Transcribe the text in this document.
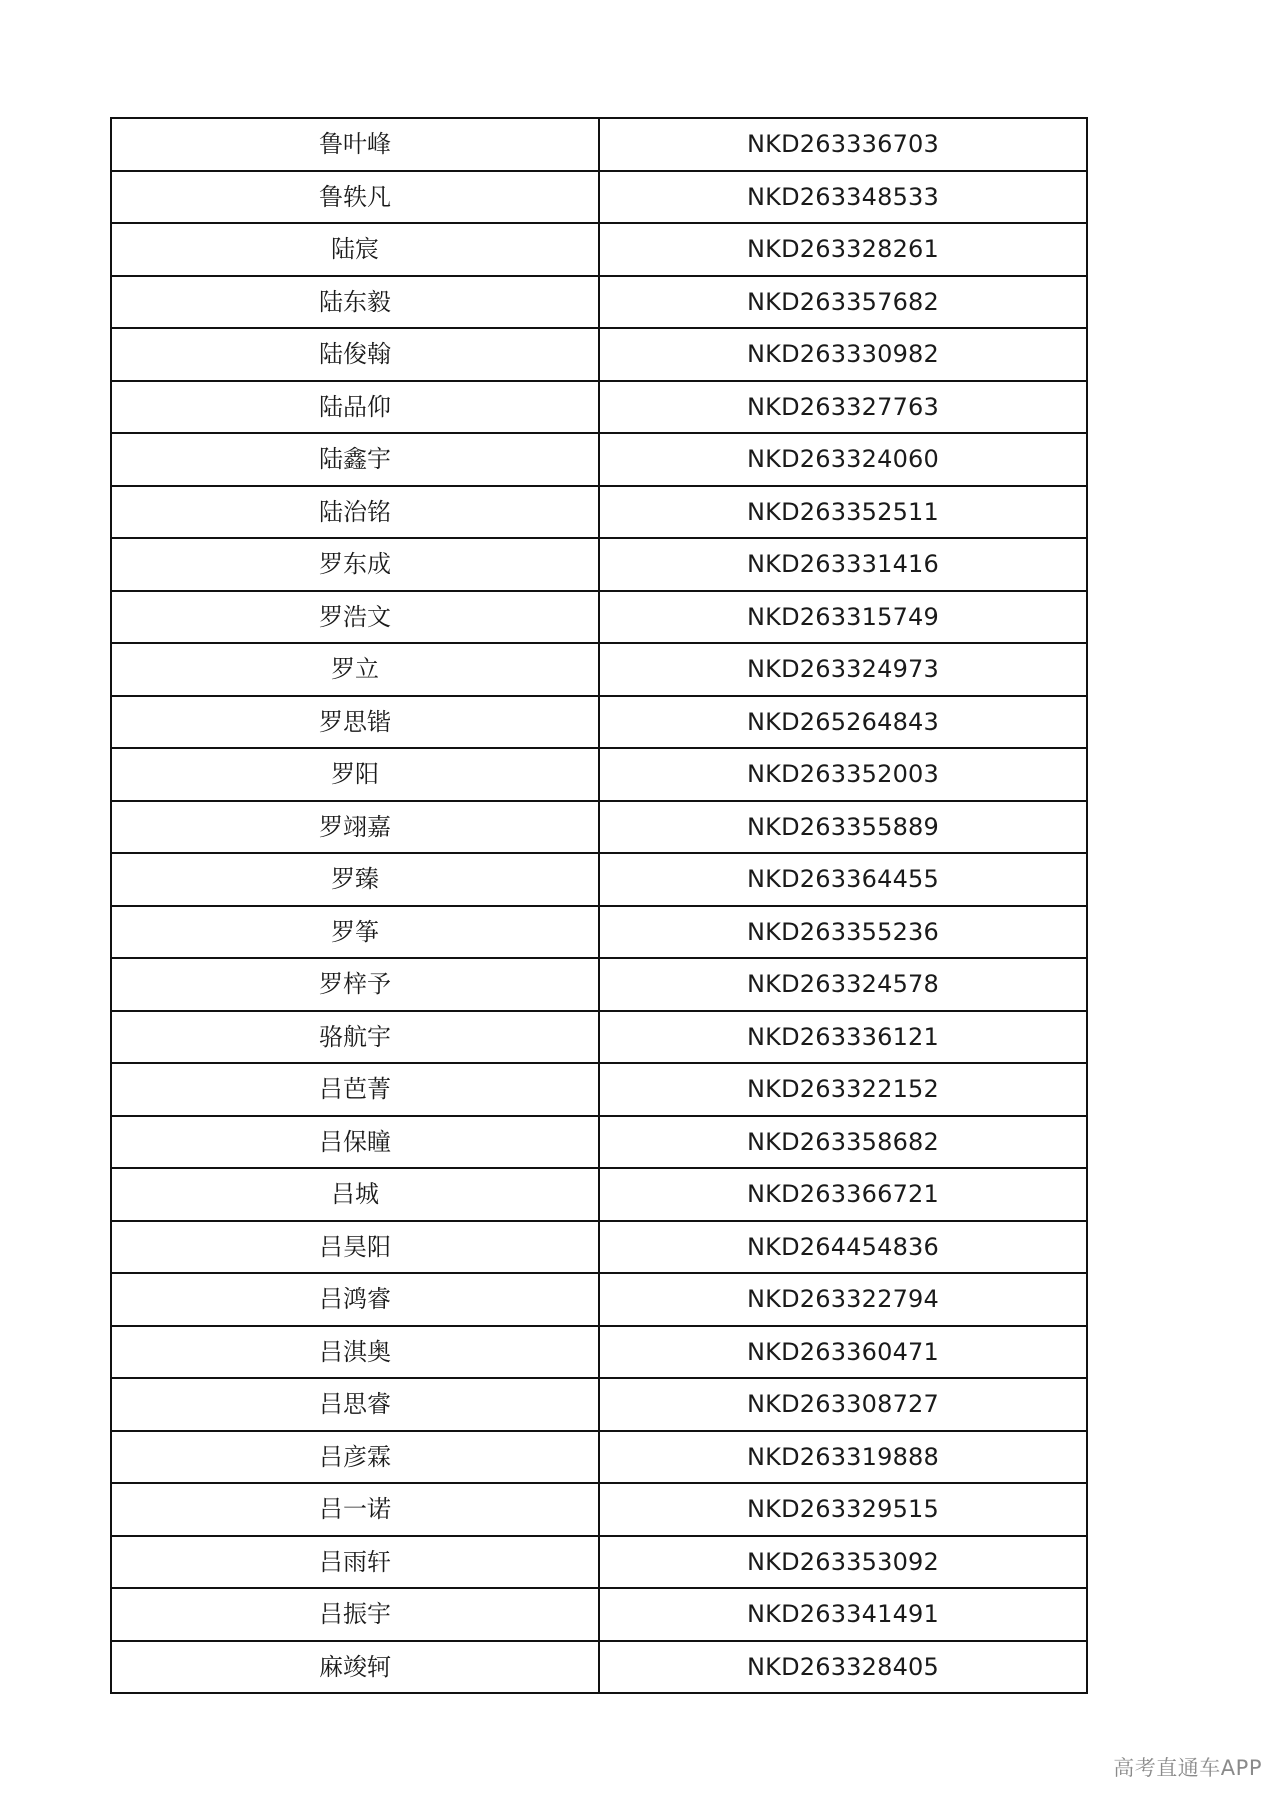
鲁叶峰	NKD263336703
鲁轶凡	NKD263348533
陆宸	NKD263328261
陆东毅	NKD263357682
陆俊翰	NKD263330982
陆品仰	NKD263327763
陆鑫宇	NKD263324060
陆治铭	NKD263352511
罗东成	NKD263331416
罗浩文	NKD263315749
罗立	NKD263324973
罗思锴	NKD265264843
罗阳	NKD263352003
罗翊嘉	NKD263355889
罗臻	NKD263364455
罗筝	NKD263355236
罗梓予	NKD263324578
骆航宇	NKD263336121
吕芭菁	NKD263322152
吕保瞳	NKD263358682
吕城	NKD263366721
吕昊阳	NKD264454836
吕鸿睿	NKD263322794
吕淇奥	NKD263360471
吕思睿	NKD263308727
吕彦霖	NKD263319888
吕一诺	NKD263329515
吕雨轩	NKD263353092
吕振宇	NKD263341491
麻竣轲	NKD263328405
高考直通车APP
